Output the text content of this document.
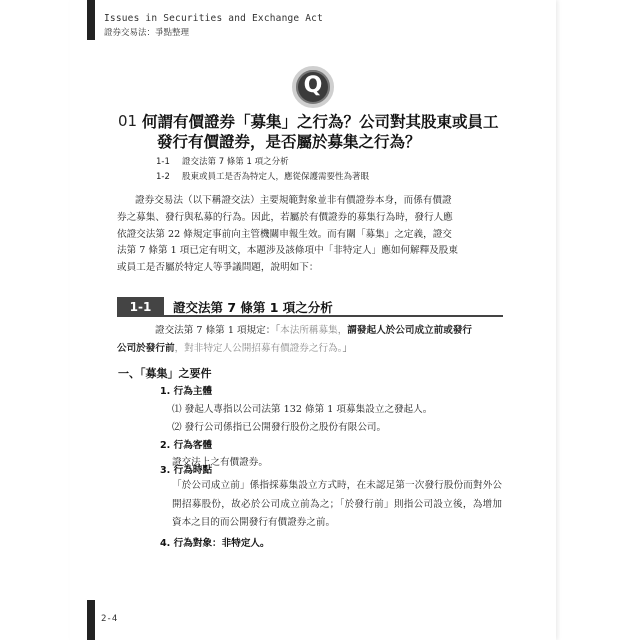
Issues in Securities and Exchange Act
證券交易法：爭點整理
Q
01 何謂有價證券「募集」之行為？公司對其股東或員工
發行有價證券，是否屬於募集之行為？
1-1 證交法第 7 條第 1 項之分析
1-2 股東或員工是否為特定人，應從保護需要性為著眼

證券交易法（以下稱證交法）主要規範對象並非有價證券本身，而係有價證

券之募集、發行與私募的行為。因此，若屬於有價證券的募集行為時，發行人應
依證交法第 22 條規定事前向主管機關申報生效。而有關「募集」之定義，證交
法第 7 條第 1 項已定有明文，本題涉及該條項中「非特定人」應如何解釋及股東
或員工是否屬於特定人等爭議問題，說明如下：
1-1	證交法第 7 條第 1 項之分析

證交法第 7 條第 1 項規定：「本法所稱募集，謂發起人於公司成立前或發行

公司於發行前，對非特定人公開招募有價證券之行為。」
一、「募集」之要件
1. 行為主體
⑴ 發起人專指以公司法第 132 條第 1 項募集設立之發起人。
⑵ 發行公司係指已公開發行股份之股份有限公司。
2. 行為客體
證交法上之有價證券。
3. 行為時點
「於公司成立前」係指採募集設立方式時，在未認足第一次發行股份而對外公開招募股份，故必於公司成立前為之；「於發行前」則指公司設立後，為增加資本之目的而公開發行有價證券之前。
4. 行為對象：非特定人。
2-4
